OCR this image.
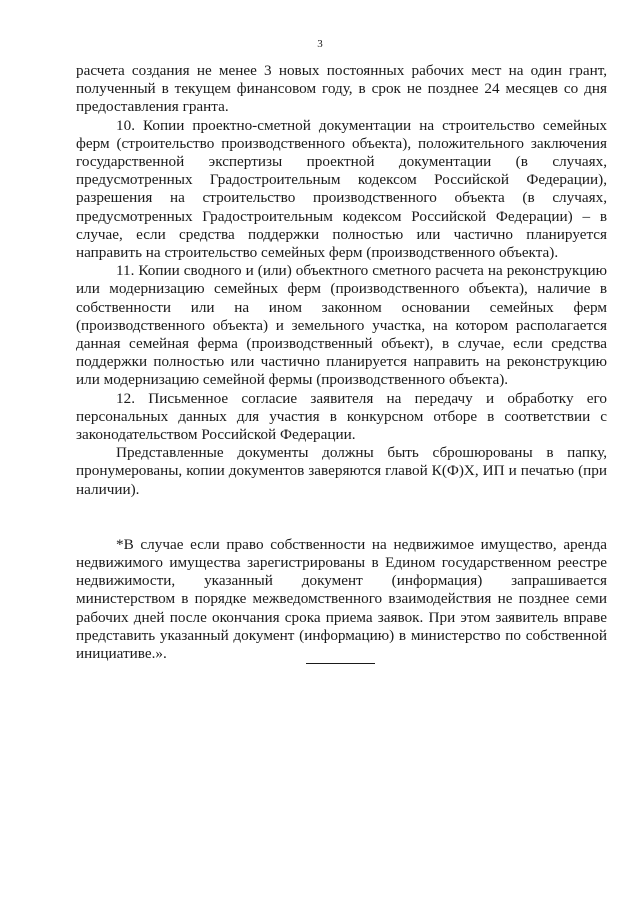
3

расчета создания не менее 3 новых постоянных рабочих мест на один грант, полученный в текущем финансовом году, в срок не позднее 24 месяцев со дня предоставления гранта.

10. Копии проектно-сметной документации на строительство семейных ферм (строительство производственного объекта), положительного заключения государственной экспертизы проектной документации (в случаях, предусмотренных Градостроительным кодексом Российской Федерации), разрешения на строительство производственного объекта (в случаях, предусмотренных Градостроительным кодексом Российской Федерации) – в случае, если средства поддержки полностью или частично планируется направить на строительство семейных ферм (производственного объекта).

11. Копии сводного и (или) объектного сметного расчета на реконструкцию или модернизацию семейных ферм (производственного объекта), наличие в собственности или на ином законном основании семейных ферм (производственного объекта) и земельного участка, на котором располагается данная семейная ферма (производственный объект), в случае, если средства поддержки полностью или частично планируется направить на реконструкцию или модернизацию семейной фермы (производственного объекта).

12. Письменное согласие заявителя на передачу и обработку его персональных данных для участия в конкурсном отборе в соответствии с законодательством Российской Федерации.

Представленные документы должны быть сброшюрованы в папку, пронумерованы, копии документов заверяются главой К(Ф)Х, ИП и печатью (при наличии).

*В случае если право собственности на недвижимое имущество, аренда недвижимого имущества зарегистрированы в Едином государственном реестре недвижимости, указанный документ (информация) запрашивается министерством в порядке межведомственного взаимодействия не позднее семи рабочих дней после окончания срока приема заявок. При этом заявитель вправе представить указанный документ (информацию) в министерство по собственной инициативе.».
